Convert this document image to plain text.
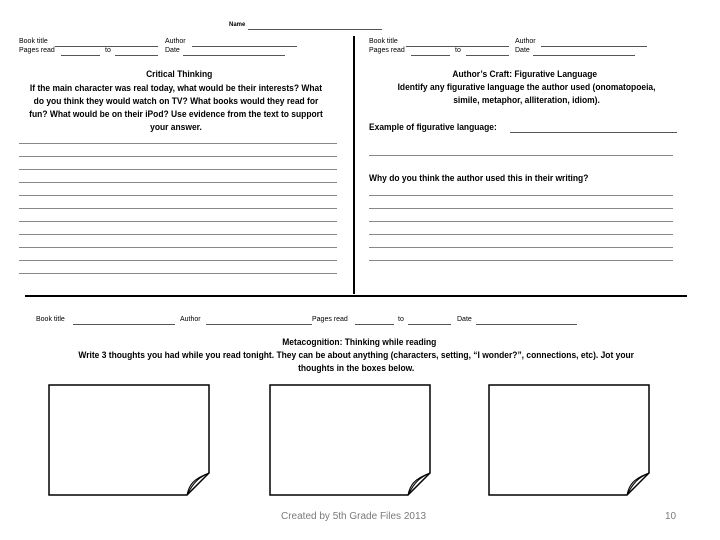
Name
Book title	Author
Pages read	to	Date
Critical Thinking
If the main character was real today, what would be their interests? What
do you think they would watch on TV? What books would they read for
fun? What would be on their iPod? Use evidence from the text to support
your answer.
Book title	Author
Pages read	to	Date
Author’s Craft: Figurative Language
Identify any figurative language the author used (onomatopoeia,
simile, metaphor, alliteration, idiom).
Example of figurative language:
Why do you think the author used this in their writing?
Book title	Author	Pages read	to	Date
Metacognition: Thinking while reading
Write 3 thoughts you had while you read tonight. They can be about anything (characters, setting, “I wonder?”, connections, etc). Jot your
thoughts in the boxes below.
Created by 5th Grade Files 2013	10
